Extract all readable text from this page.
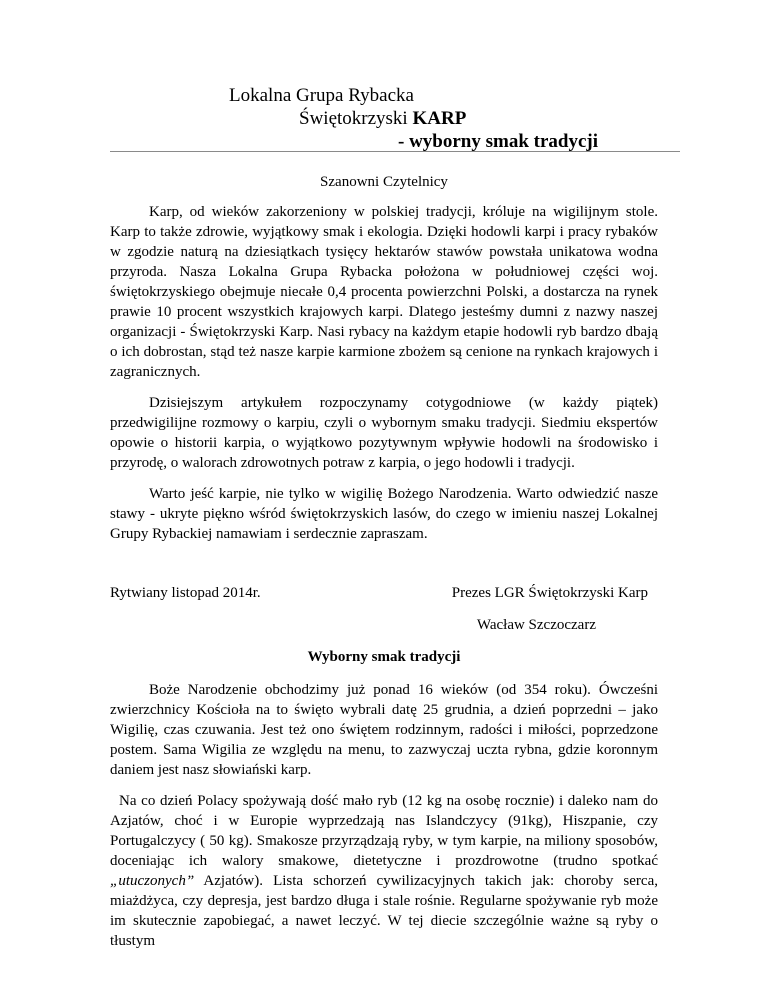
Lokalna Grupa Rybacka
Świętokrzyski KARP
- wyborny smak tradycji
Szanowni Czytelnicy

Karp, od wieków zakorzeniony w polskiej tradycji, króluje na wigilijnym stole. Karp to także zdrowie, wyjątkowy smak i ekologia. Dzięki hodowli karpi i pracy rybaków w zgodzie naturą na dziesiątkach tysięcy hektarów stawów powstała unikatowa wodna przyroda. Nasza Lokalna Grupa Rybacka położona w południowej części woj. świętokrzyskiego obejmuje niecałe 0,4 procenta powierzchni Polski, a dostarcza na rynek prawie 10 procent wszystkich krajowych karpi. Dlatego jesteśmy dumni z nazwy naszej organizacji - Świętokrzyski Karp. Nasi rybacy na każdym etapie hodowli ryb bardzo dbają o ich dobrostan, stąd też nasze karpie karmione zbożem są cenione na rynkach krajowych i zagranicznych.

Dzisiejszym artykułem rozpoczynamy cotygodniowe (w każdy piątek) przedwigilijne rozmowy o karpiu, czyli o wybornym smaku tradycji. Siedmiu ekspertów opowie o historii karpia, o wyjątkowo pozytywnym wpływie hodowli na środowisko i przyrodę, o walorach zdrowotnych potraw z karpia, o jego hodowli i tradycji.

Warto jeść karpie, nie tylko w wigilię Bożego Narodzenia. Warto odwiedzić nasze stawy - ukryte piękno wśród świętokrzyskich lasów, do czego w imieniu naszej Lokalnej Grupy Rybackiej namawiam i serdecznie zapraszam.

Rytwiany listopad 2014r.	Prezes LGR Świętokrzyski Karp
Wacław Szczoczarz
Wyborny smak tradycji

Boże Narodzenie obchodzimy już ponad 16 wieków (od 354 roku). Ówcześni zwierzchnicy Kościoła na to święto wybrali datę 25 grudnia, a dzień poprzedni – jako Wigilię, czas czuwania. Jest też ono świętem rodzinnym, radości i miłości, poprzedzone postem. Sama Wigilia ze względu na menu, to zazwyczaj uczta rybna, gdzie koronnym daniem jest nasz słowiański karp.

Na co dzień Polacy spożywają dość mało ryb (12 kg na osobę rocznie) i daleko nam do Azjatów, choć i w Europie wyprzedzają nas Islandczycy (91kg), Hiszpanie, czy Portugalczycy ( 50 kg). Smakosze przyrządzają ryby, w tym karpie, na miliony sposobów, doceniając ich walory smakowe, dietetyczne i prozdrowotne (trudno spotkać „utuczonych” Azjatów). Lista schorzeń cywilizacyjnych takich jak: choroby serca, miażdżyca, czy depresja, jest bardzo długa i stale rośnie. Regularne spożywanie ryb może im skutecznie zapobiegać, a nawet leczyć. W tej diecie szczególnie ważne są ryby o tłustym
